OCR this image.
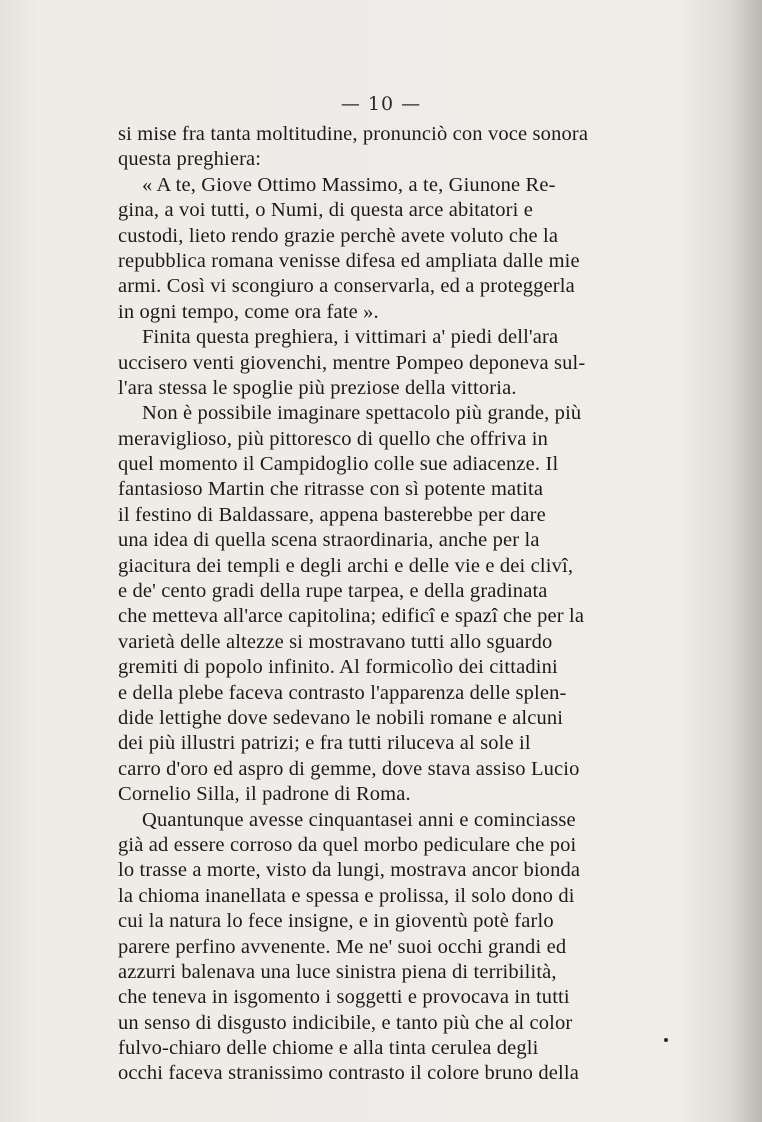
— 10 —
si mise fra tanta moltitudine, pronunciò con voce sonora
questa preghiera:
« A te, Giove Ottimo Massimo, a te, Giunone Re-
gina, a voi tutti, o Numi, di questa arce abitatori e
custodi, lieto rendo grazie perchè avete voluto che la
repubblica romana venisse difesa ed ampliata dalle mie
armi. Così vi scongiuro a conservarla, ed a proteggerla
in ogni tempo, come ora fate ».
Finita questa preghiera, i vittimari a' piedi dell'ara
uccisero venti giovenchi, mentre Pompeo deponeva sul-
l'ara stessa le spoglie più preziose della vittoria.
Non è possibile imaginare spettacolo più grande, più
meraviglioso, più pittoresco di quello che offriva in
quel momento il Campidoglio colle sue adiacenze. Il
fantasioso Martin che ritrasse con sì potente matita
il festino di Baldassare, appena basterebbe per dare
una idea di quella scena straordinaria, anche per la
giacitura dei templi e degli archi e delle vie e dei clivî,
e de' cento gradi della rupe tarpea, e della gradinata
che metteva all'arce capitolina; edificî e spazî che per la
varietà delle altezze si mostravano tutti allo sguardo
gremiti di popolo infinito. Al formicolìo dei cittadini
e della plebe faceva contrasto l'apparenza delle splen-
dide lettighe dove sedevano le nobili romane e alcuni
dei più illustri patrizi; e fra tutti riluceva al sole il
carro d'oro ed aspro di gemme, dove stava assiso Lucio
Cornelio Silla, il padrone di Roma.
Quantunque avesse cinquantasei anni e cominciasse
già ad essere corroso da quel morbo pediculare che poi
lo trasse a morte, visto da lungi, mostrava ancor bionda
la chioma inanellata e spessa e prolissa, il solo dono di
cui la natura lo fece insigne, e in gioventù potè farlo
parere perfino avvenente. Me ne' suoi occhi grandi ed
azzurri balenava una luce sinistra piena di terribilità,
che teneva in isgomento i soggetti e provocava in tutti
un senso di disgusto indicibile, e tanto più che al color
fulvo-chiaro delle chiome e alla tinta cerulea degli
occhi faceva stranissimo contrasto il colore bruno della
